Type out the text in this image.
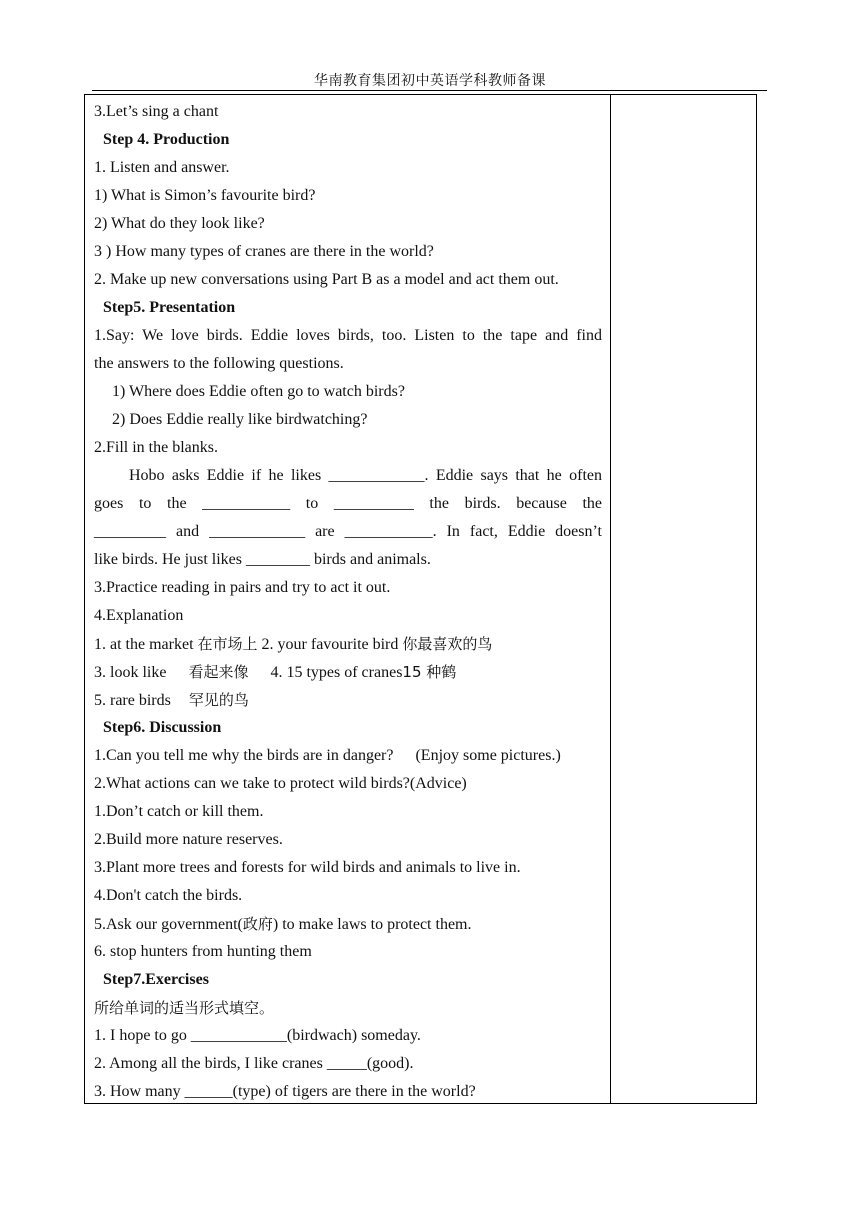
华南教育集团初中英语学科教师备课
3.Let’s sing a chant
Step 4. Production
1. Listen and answer.
1) What is Simon’s favourite bird?
2) What do they look like?
3 ) How many types of cranes are there in the world?
2. Make up new conversations using Part B as a model and act them out.
Step5. Presentation
1.Say: We love birds. Eddie loves birds, too. Listen to the tape and find
the answers to the following questions.
1) Where does Eddie often go to watch birds?
2) Does Eddie really like birdwatching?
2.Fill in the blanks.
Hobo asks Eddie if he likes ____________. Eddie says that he often
goes to the ___________ to __________ the birds. because the
_________ and ____________ are ___________. In fact, Eddie doesn’t
like birds. He just likes ________ birds and animals.
3.Practice reading in pairs and try to act it out.
4.Explanation
1. at the market 在市场上 2. your favourite bird 你最喜欢的鸟
3. look like 看起来像 4. 15 types of cranes15 种鹤
5. rare birds 罕见的鸟
Step6. Discussion
1.Can you tell me why the birds are in danger? (Enjoy some pictures.)
2.What actions can we take to protect wild birds?(Advice)
1.Don’t catch or kill them.
2.Build more nature reserves.
3.Plant more trees and forests for wild birds and animals to live in.
4.Don't catch the birds.
5.Ask our government(政府) to make laws to protect them.
6. stop hunters from hunting them
Step7.Exercises
所给单词的适当形式填空。
1. I hope to go ____________(birdwach) someday.
2. Among all the birds, I like cranes _____(good).
3. How many ______(type) of tigers are there in the world?
